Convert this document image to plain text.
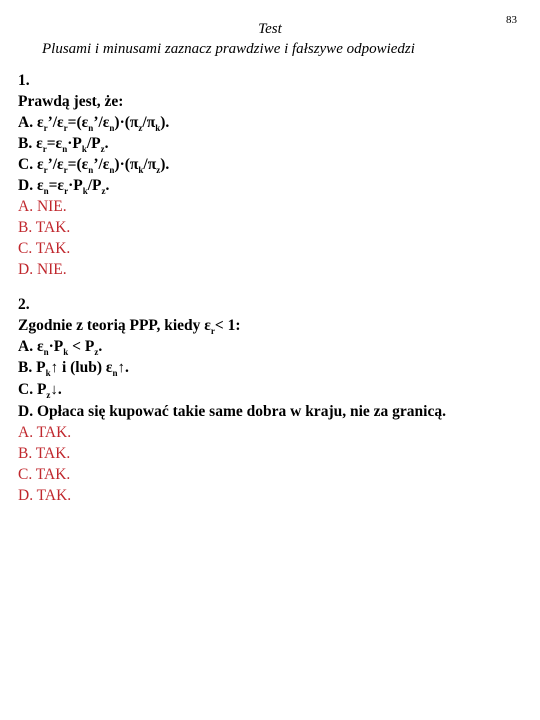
83
Test
Plusami i minusami zaznacz prawdziwe i fałszywe odpowiedzi
1.
Prawdą jest, że:
A. $\varepsilon_r’/\varepsilon_r=(\varepsilon_n’/\varepsilon_n)\cdot(\pi_z/\pi_k)$.
B. $\varepsilon_r=\varepsilon_n\cdot P_k/P_z$.
C. $\varepsilon_r’/\varepsilon_r=(\varepsilon_n’/\varepsilon_n)\cdot(\pi_k/\pi_z)$.
D. $\varepsilon_n=\varepsilon_r\cdot P_k/P_z$.
A. NIE.
B. TAK.
C. TAK.
D. NIE.
2.
Zgodnie z teorią PPP, kiedy $\varepsilon_r< 1$:
A. $\varepsilon_n\cdot P_k < P_z$.
B. $P_k↑$ i (lub) $\varepsilon_n↑$.
C. $P_z↓$.
D. Opłaca się kupować takie same dobra w kraju, nie za granicą.
A. TAK.
B. TAK.
C. TAK.
D. TAK.
